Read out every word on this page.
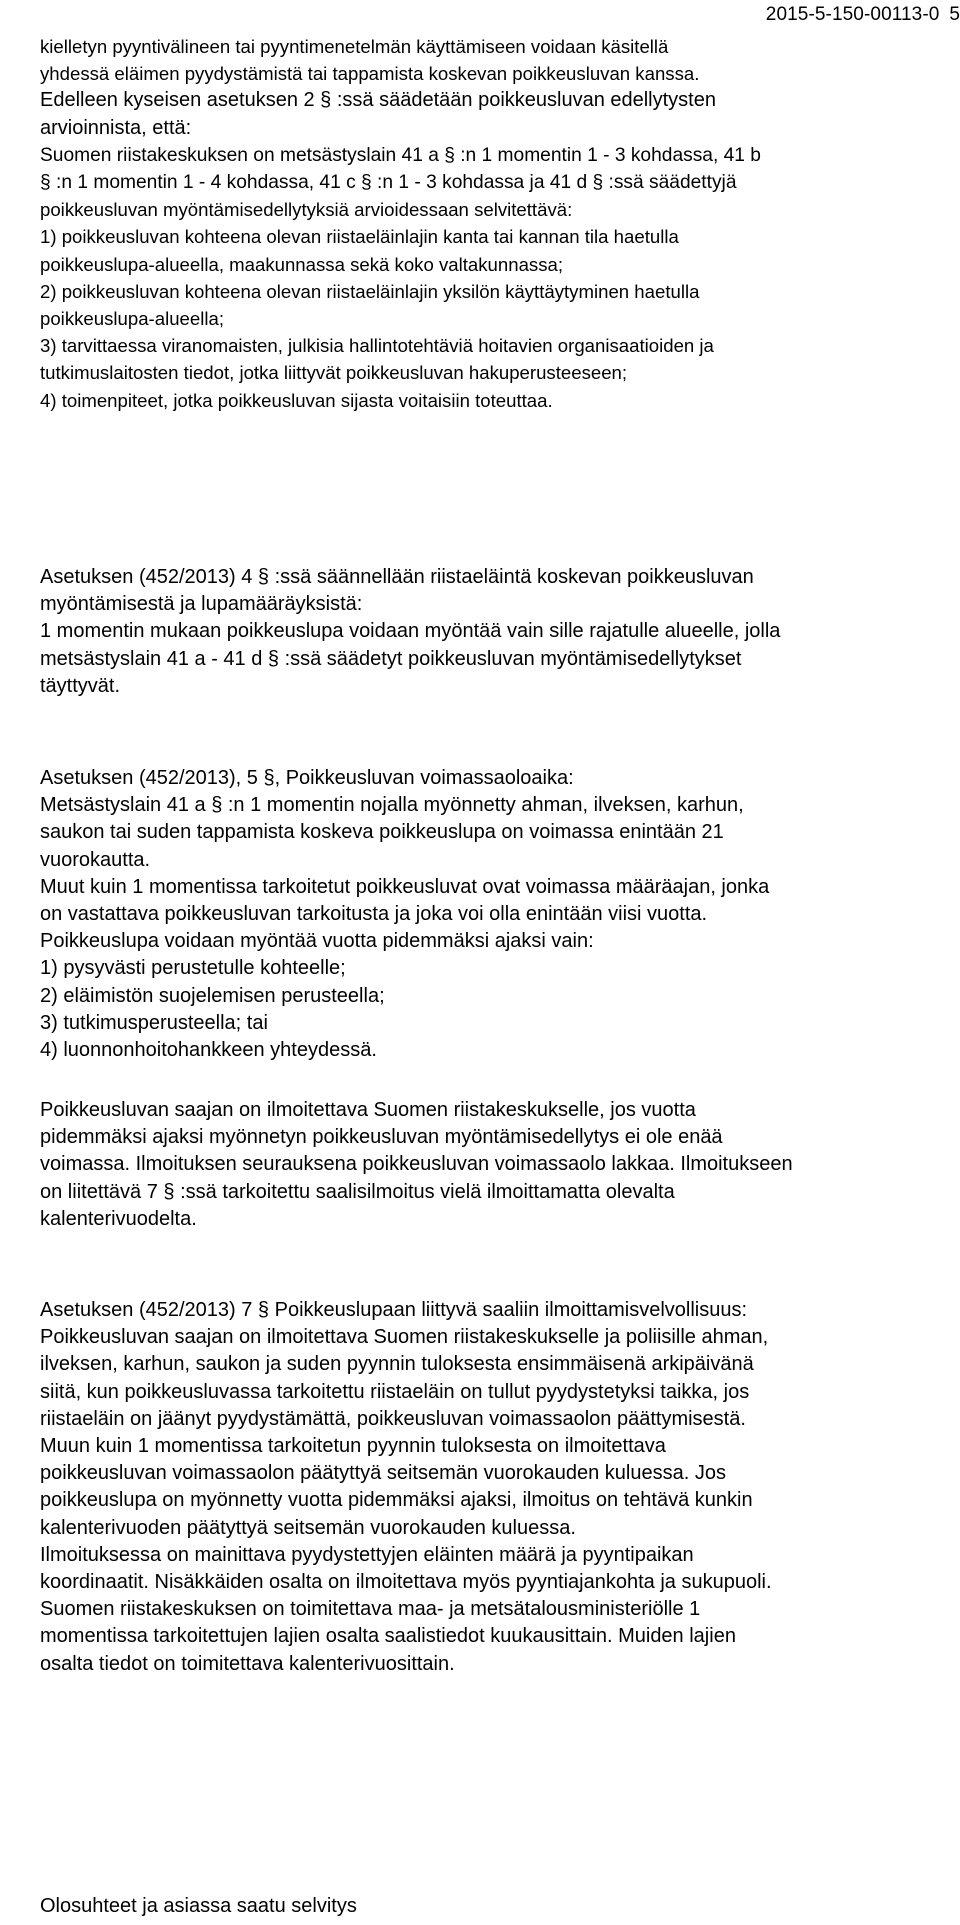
2015-5-150-00113-0 5

kielletyn pyyntivälineen tai pyyntimenetelmän käyttämiseen voidaan käsitellä
yhdessä eläimen pyydystämistä tai tappamista koskevan poikkeusluvan kanssa.
Edelleen kyseisen asetuksen 2 § :ssä säädetään poikkeusluvan edellytysten
arvioinnista, että:
Suomen riistakeskuksen on metsästyslain 41 a § :n 1 momentin 1 - 3 kohdassa, 41 b
§ :n 1 momentin 1 - 4 kohdassa, 41 c § :n 1 - 3 kohdassa ja 41 d § :ssä säädettyjä
poikkeusluvan myöntämisedellytyksiä arvioidessaan selvitettävä:
1) poikkeusluvan kohteena olevan riistaeläinlajin kanta tai kannan tila haetulla
poikkeuslupa-alueella, maakunnassa sekä koko valtakunnassa;
2) poikkeusluvan kohteena olevan riistaeläinlajin yksilön käyttäytyminen haetulla
poikkeuslupa-alueella;
3) tarvittaessa viranomaisten, julkisia hallintotehtäviä hoitavien organisaatioiden ja
tutkimuslaitosten tiedot, jotka liittyvät poikkeusluvan hakuperusteeseen;
4) toimenpiteet, jotka poikkeusluvan sijasta voitaisiin toteuttaa.

Asetuksen (452/2013) 4 § :ssä säännellään riistaeläintä koskevan poikkeusluvan
myöntämisestä ja lupamääräyksistä:
1 momentin mukaan poikkeuslupa voidaan myöntää vain sille rajatulle alueelle, jolla
metsästyslain 41 a - 41 d § :ssä säädetyt poikkeusluvan myöntämisedellytykset
täyttyvät.

Asetuksen (452/2013), 5 §, Poikkeusluvan voimassaoloaika:
Metsästyslain 41 a § :n 1 momentin nojalla myönnetty ahman, ilveksen, karhun,
saukon tai suden tappamista koskeva poikkeuslupa on voimassa enintään 21
vuorokautta.
Muut kuin 1 momentissa tarkoitetut poikkeusluvat ovat voimassa määräajan, jonka
on vastattava poikkeusluvan tarkoitusta ja joka voi olla enintään viisi vuotta.
Poikkeuslupa voidaan myöntää vuotta pidemmäksi ajaksi vain:
1) pysyvästi perustetulle kohteelle;
2) eläimistön suojelemisen perusteella;
3) tutkimusperusteella; tai
4) luonnonhoitohankkeen yhteydessä.

Poikkeusluvan saajan on ilmoitettava Suomen riistakeskukselle, jos vuotta
pidemmäksi ajaksi myönnetyn poikkeusluvan myöntämisedellytys ei ole enää
voimassa. Ilmoituksen seurauksena poikkeusluvan voimassaolo lakkaa. Ilmoitukseen
on liitettävä 7 § :ssä tarkoitettu saalisilmoitus vielä ilmoittamatta olevalta
kalenterivuodelta.

Asetuksen (452/2013) 7 § Poikkeuslupaan liittyvä saaliin ilmoittamisvelvollisuus:
Poikkeusluvan saajan on ilmoitettava Suomen riistakeskukselle ja poliisille ahman,
ilveksen, karhun, saukon ja suden pyynnin tuloksesta ensimmäisenä arkipäivänä
siitä, kun poikkeusluvassa tarkoitettu riistaeläin on tullut pyydystetyksi taikka, jos
riistaeläin on jäänyt pyydystämättä, poikkeusluvan voimassaolon päättymisestä.
Muun kuin 1 momentissa tarkoitetun pyynnin tuloksesta on ilmoitettava
poikkeusluvan voimassaolon päätyttyä seitsemän vuorokauden kuluessa. Jos
poikkeuslupa on myönnetty vuotta pidemmäksi ajaksi, ilmoitus on tehtävä kunkin
kalenterivuoden päätyttyä seitsemän vuorokauden kuluessa.
Ilmoituksessa on mainittava pyydystettyjen eläinten määrä ja pyyntipaikan
koordinaatit. Nisäkkäiden osalta on ilmoitettava myös pyyntiajankohta ja sukupuoli.
Suomen riistakeskuksen on toimitettava maa- ja metsätalousministeriölle 1
momentissa tarkoitettujen lajien osalta saalistiedot kuukausittain. Muiden lajien
osalta tiedot on toimitettava kalenterivuosittain.

Olosuhteet ja asiassa saatu selvitys
